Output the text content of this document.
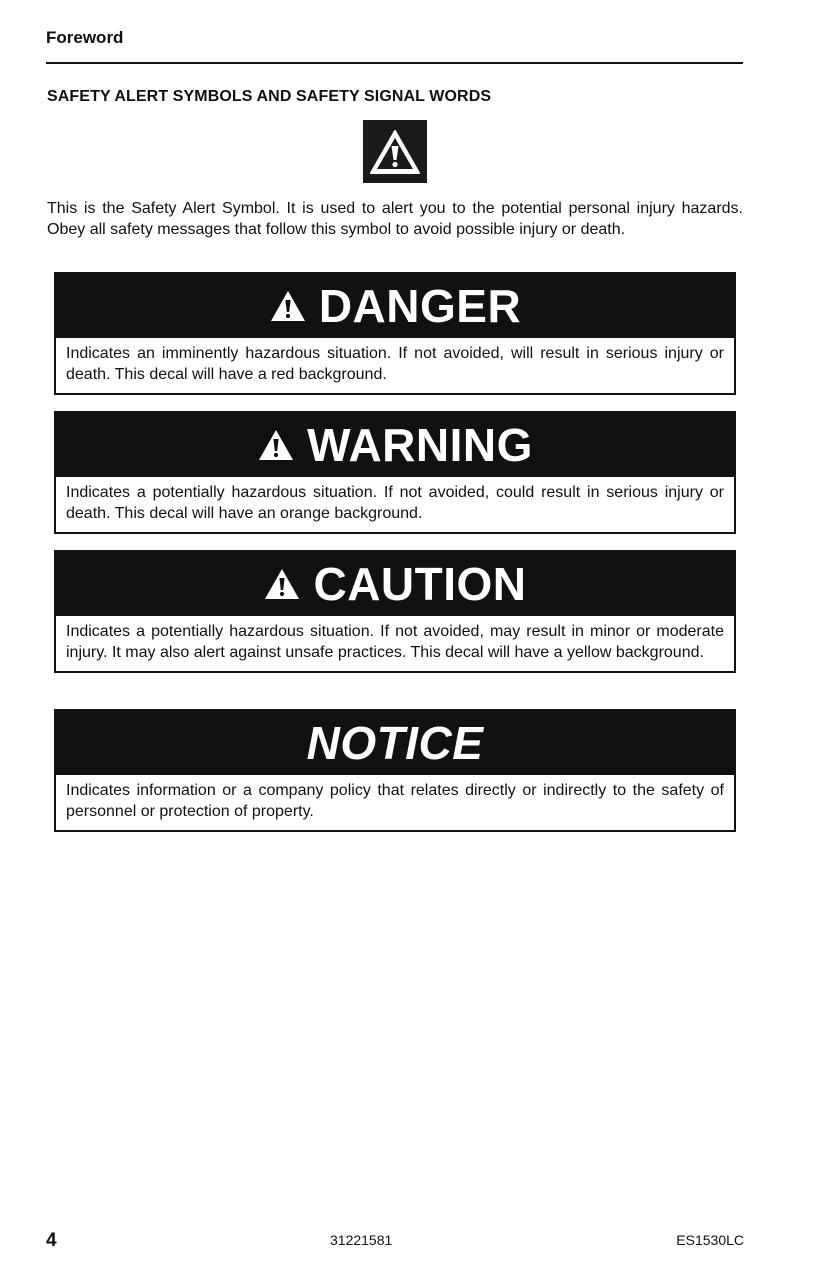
Foreword
SAFETY ALERT SYMBOLS AND SAFETY SIGNAL WORDS
This is the Safety Alert Symbol. It is used to alert you to the potential personal injury hazards. Obey all safety messages that follow this symbol to avoid possible injury or death.
DANGER
Indicates an imminently hazardous situation. If not avoided, will result in serious injury or death. This decal will have a red background.
WARNING
Indicates a potentially hazardous situation. If not avoided, could result in serious injury or death. This decal will have an orange background.
CAUTION
Indicates a potentially hazardous situation. If not avoided, may result in minor or moderate injury. It may also alert against unsafe practices. This decal will have a yellow background.
NOTICE
Indicates information or a company policy that relates directly or indirectly to the safety of personnel or protection of property.
4	31221581	ES1530LC
